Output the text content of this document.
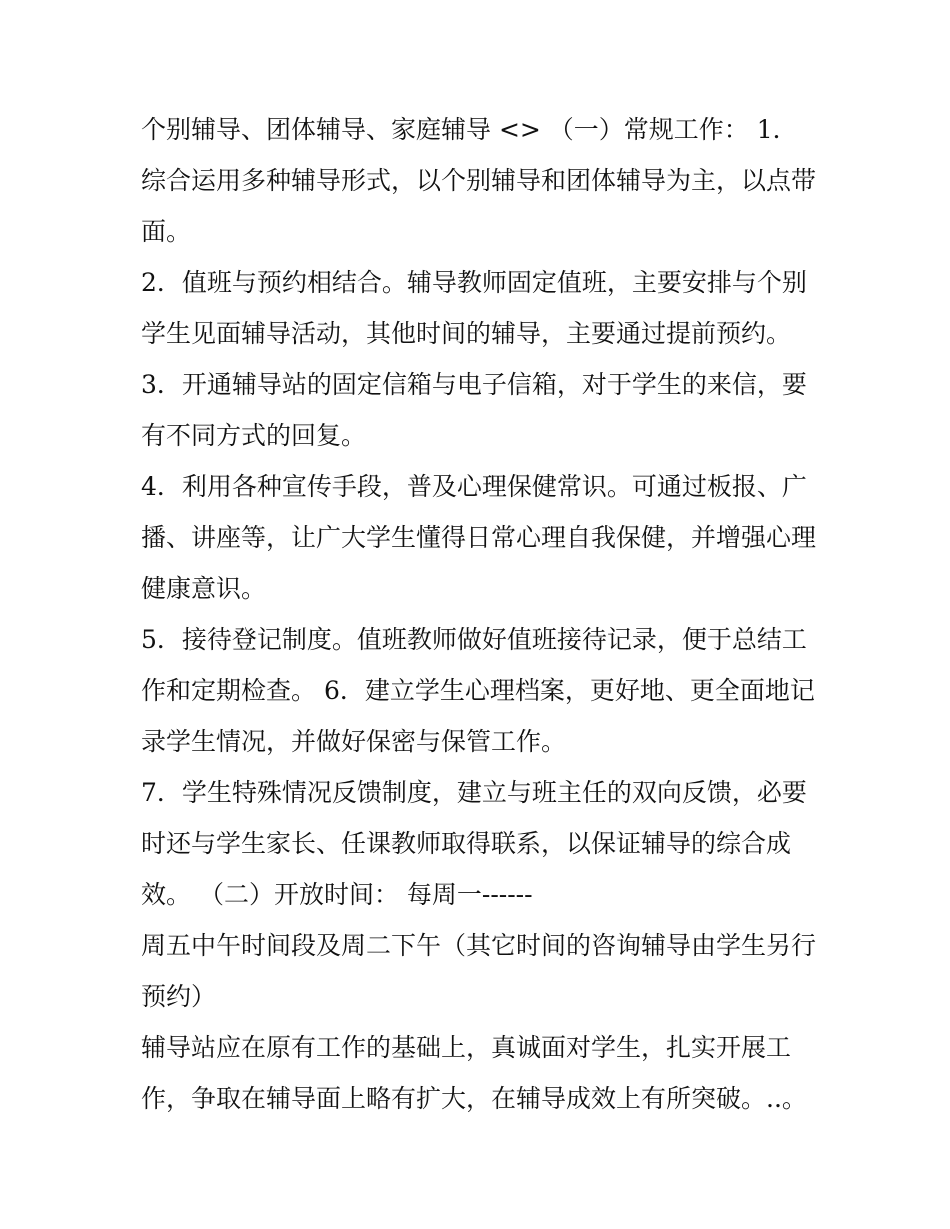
个别辅导、团体辅导、家庭辅导 <> （一）常规工作： 1．综合运用多种辅导形式，以个别辅导和团体辅导为主，以点带面。

2．值班与预约相结合。辅导教师固定值班，主要安排与个别学生见面辅导活动，其他时间的辅导，主要通过提前预约。

3．开通辅导站的固定信箱与电子信箱，对于学生的来信，要有不同方式的回复。

4．利用各种宣传手段，普及心理保健常识。可通过板报、广播、讲座等，让广大学生懂得日常心理自我保健，并增强心理健康意识。

5．接待登记制度。值班教师做好值班接待记录，便于总结工作和定期检查。 6．建立学生心理档案，更好地、更全面地记录学生情况，并做好保密与保管工作。

7．学生特殊情况反馈制度，建立与班主任的双向反馈，必要时还与学生家长、任课教师取得联系，以保证辅导的综合成效。 （二）开放时间： 每周一------

周五中午时间段及周二下午（其它时间的咨询辅导由学生另行预约）

辅导站应在原有工作的基础上，真诚面对学生，扎实开展工作，争取在辅导面上略有扩大，在辅导成效上有所突破。..。
